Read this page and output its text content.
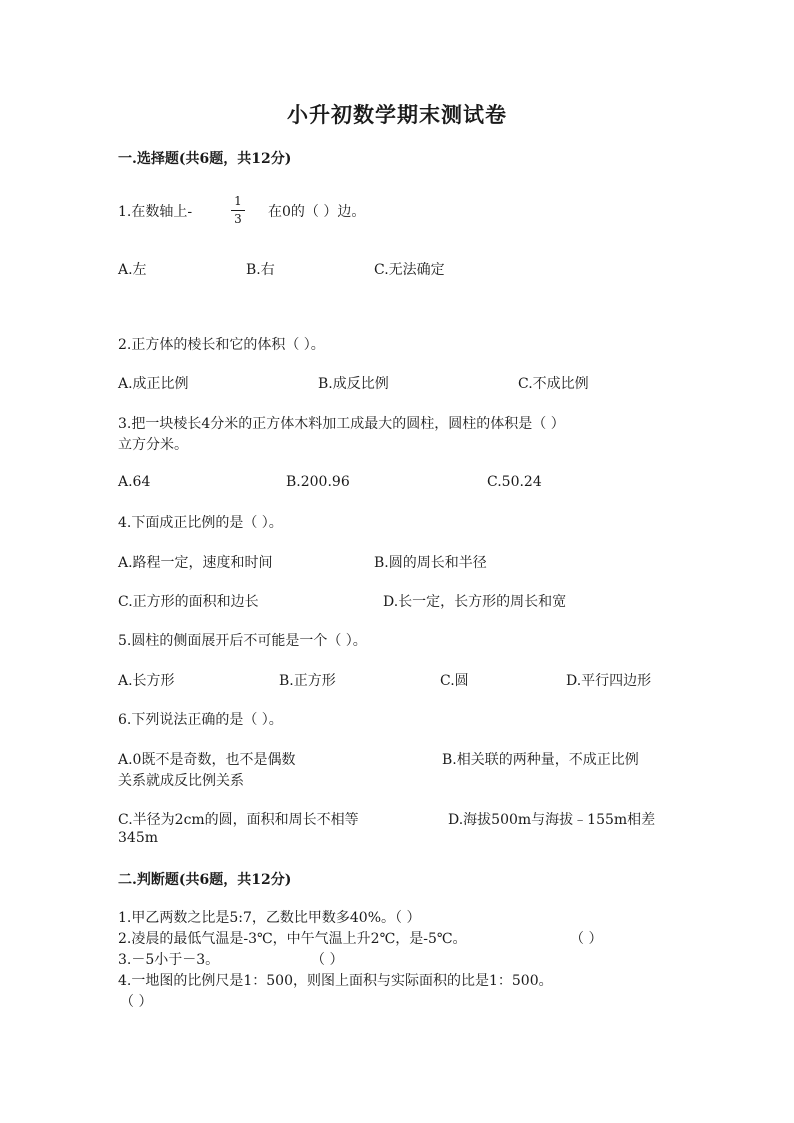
小升初数学期末测试卷
一.选择题(共6题，共12分)
1.在数轴上-
1
3 在0的（ ）边。
A.左	B.右	C.无法确定
2.正方体的棱长和它的体积（ ）。
A.成正比例	B.成反比例	C.不成比例
3.把一块棱长4分米的正方体木料加工成最大的圆柱，圆柱的体积是（ ）
立方分米。
A.64	B.200.96	C.50.24
4.下面成正比例的是（ ）。
A.路程一定，速度和时间	B.圆的周长和半径
C.正方形的面积和边长	D.长一定，长方形的周长和宽
5.圆柱的侧面展开后不可能是一个（ ）。
A.长方形	B.正方形	C.圆	D.平行四边形
6.下列说法正确的是（ ）。
A.0既不是奇数，也不是偶数	B.相关联的两种量，不成正比例
关系就成反比例关系
C.半径为2cm的圆，面积和周长不相等	D.海拔500m与海拔﹣155m相差
345m
二.判断题(共6题，共12分)
1.甲乙两数之比是5:7，乙数比甲数多40%。（ ）
2.凌晨的最低气温是-3℃，中午气温上升2℃，是-5℃。	（ ）
3.－5小于－3。	（ ）
4.一地图的比例尺是1：500，则图上面积与实际面积的比是1：500。
（ ）
